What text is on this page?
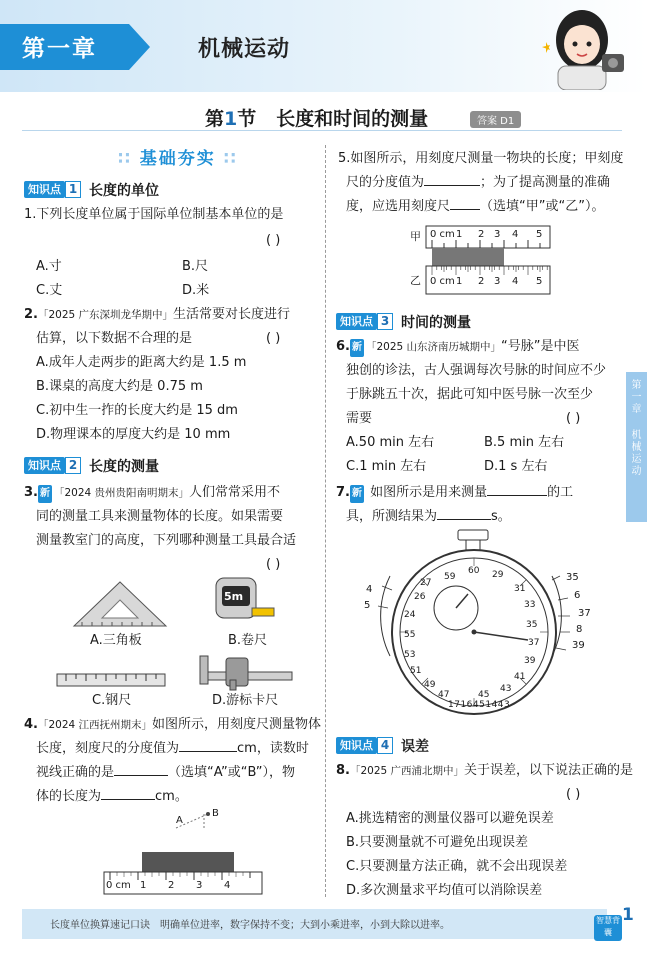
第一章	机械运动
第1节 长度和时间的测量	答案 D1
∷ 基础夯实 ∷
知识点 1 长度的单位
1.下列长度单位属于国际单位制基本单位的是
( )
A.寸	B.尺
C.丈	D.米
2.「2025 广东深圳龙华期中」生活常要对长度进行
估算，以下数据不合理的是	( )
A.成年人走两步的距离大约是 1.5 m
B.课桌的高度大约是 0.75 m
C.初中生一拃的长度大约是 15 dm
D.物理课本的厚度大约是 10 mm
知识点 2 长度的测量
3. 新 「2024 贵州贵阳南明期末」人们常常采用不
同的测量工具来测量物体的长度。如果需要
测量教室门的高度，下列哪种测量工具最合适
( )
A.三角板
5m
B.卷尺
C.钢尺	D.游标卡尺
4.「2024 江西抚州期末」如图所示，用刻度尺测量物体
长度，刻度尺的分度值为	cm，读数时
视线正确的是	（选填“A”或“B”），物
体的长度为	cm。
A
B
0 cm 1 2 3 4
5.如图所示，用刻度尺测量一物块的长度；甲刻度
尺的分度值为	；为了提高测量的准确
度，应选用刻度尺 （选填“甲”或“乙”）。
甲
乙
0 cm
0 cm
2
2
3
3
4
4
5
5
1
1
知识点 3 时间的测量
6. 新 「2025 山东济南历城期中」“号脉”是中医
独创的诊法，古人强调每次号脉的时间应不少
于脉跳五十次，据此可知中医号脉一次至少
需要	( )
A.50 min 左右	B.5 min 左右
C.1 min 左右	D.1 s 左右
7. 新 如图所示是用来测量	的工
具，所测结果为	s。
35
6
37
8
39
4
5
60 29
59
26
31
27
33
24
55
35
53
37
51
39
49
41
47
43
45
1716451443
知识点 4 误差
8.「2025 广西浦北期中」关于误差，以下说法正确的是
( )
A.挑选精密的测量仪器可以避免误差
B.只要测量就不可避免出现误差
C.只要测量方法正确，就不会出现误差
D.多次测量求平均值可以消除误差
第一章
机械运动
长度单位换算速记口诀　明确单位进率，数字保持不变；大到小乘进率，小到大除以进率。	智慧背囊
1
